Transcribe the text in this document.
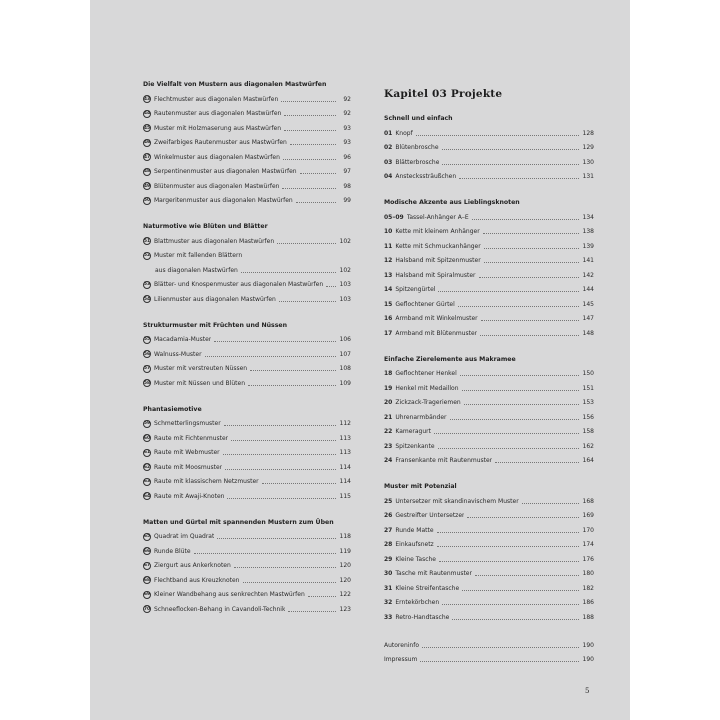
Die Vielfalt von Mustern aus diagonalen Mastwürfen
43 Flechtmuster aus diagonalen Mastwürfen	92
44 Rautenmuster aus diagonalen Mastwürfen	92
45 Muster mit Holzmaserung aus Mastwürfen	93
46 Zweifarbiges Rautenmuster aus Mastwürfen	93
47 Winkelmuster aus diagonalen Mastwürfen	96
48 Serpentinenmuster aus diagonalen Mastwürfen	97
49 Blütenmuster aus diagonalen Mastwürfen	98
50 Margeritenmuster aus diagonalen Mastwürfen	99
Naturmotive wie Blüten und Blätter
51 Blattmuster aus diagonalen Mastwürfen	102
52 Muster mit fallenden Blättern
aus diagonalen Mastwürfen	102
53 Blätter- und Knospenmuster aus diagonalen Mastwürfen	103
54 Lilienmuster aus diagonalen Mastwürfen	103
Strukturmuster mit Früchten und Nüssen
55 Macadamia-Muster	106
56 Walnuss-Muster	107
57 Muster mit verstreuten Nüssen	108
58 Muster mit Nüssen und Blüten	109
Phantasiemotive
59 Schmetterlingsmuster	112
60 Raute mit Fichtenmuster	113
61 Raute mit Webmuster	113
62 Raute mit Moosmuster	114
63 Raute mit klassischem Netzmuster	114
64 Raute mit Awaji-Knoten	115
Matten und Gürtel mit spannenden Mustern zum Üben
65 Quadrat im Quadrat	118
66 Runde Blüte	119
67 Ziergurt aus Ankerknoten	120
68 Flechtband aus Kreuzknoten	120
69 Kleiner Wandbehang aus senkrechten Mastwürfen	122
70 Schneeflocken-Behang in Cavandoli-Technik	123
Kapitel 03 Projekte
Schnell und einfach
01 Knopf	128
02 Blütenbrosche	129
03 Blätterbrosche	130
04 Ansteckssträußchen	131
Modische Akzente aus Lieblingsknoten
05–09 Tassel-Anhänger A–E	134
10 Kette mit kleinem Anhänger	138
11 Kette mit Schmuckanhänger	139
12 Halsband mit Spitzenmuster	141
13 Halsband mit Spiralmuster	142
14 Spitzengürtel	144
15 Geflochtener Gürtel	145
16 Armband mit Winkelmuster	147
17 Armband mit Blütenmuster	148
Einfache Zierelemente aus Makramee
18 Geflochtener Henkel	150
19 Henkel mit Medaillon	151
20 Zickzack-Trageriemen	153
21 Uhrenarmbänder	156
22 Kameragurt	158
23 Spitzenkante	162
24 Fransenkante mit Rautenmuster	164
Muster mit Potenzial
25 Untersetzer mit skandinavischem Muster	168
26 Gestreifter Untersetzer	169
27 Runde Matte	170
28 Einkaufsnetz	174
29 Kleine Tasche	176
30 Tasche mit Rautenmuster	180
31 Kleine Streifentasche	182
32 Erntekörbchen	186
33 Retro-Handtasche	188
Autoreninfo	190
Impressum	190
5
